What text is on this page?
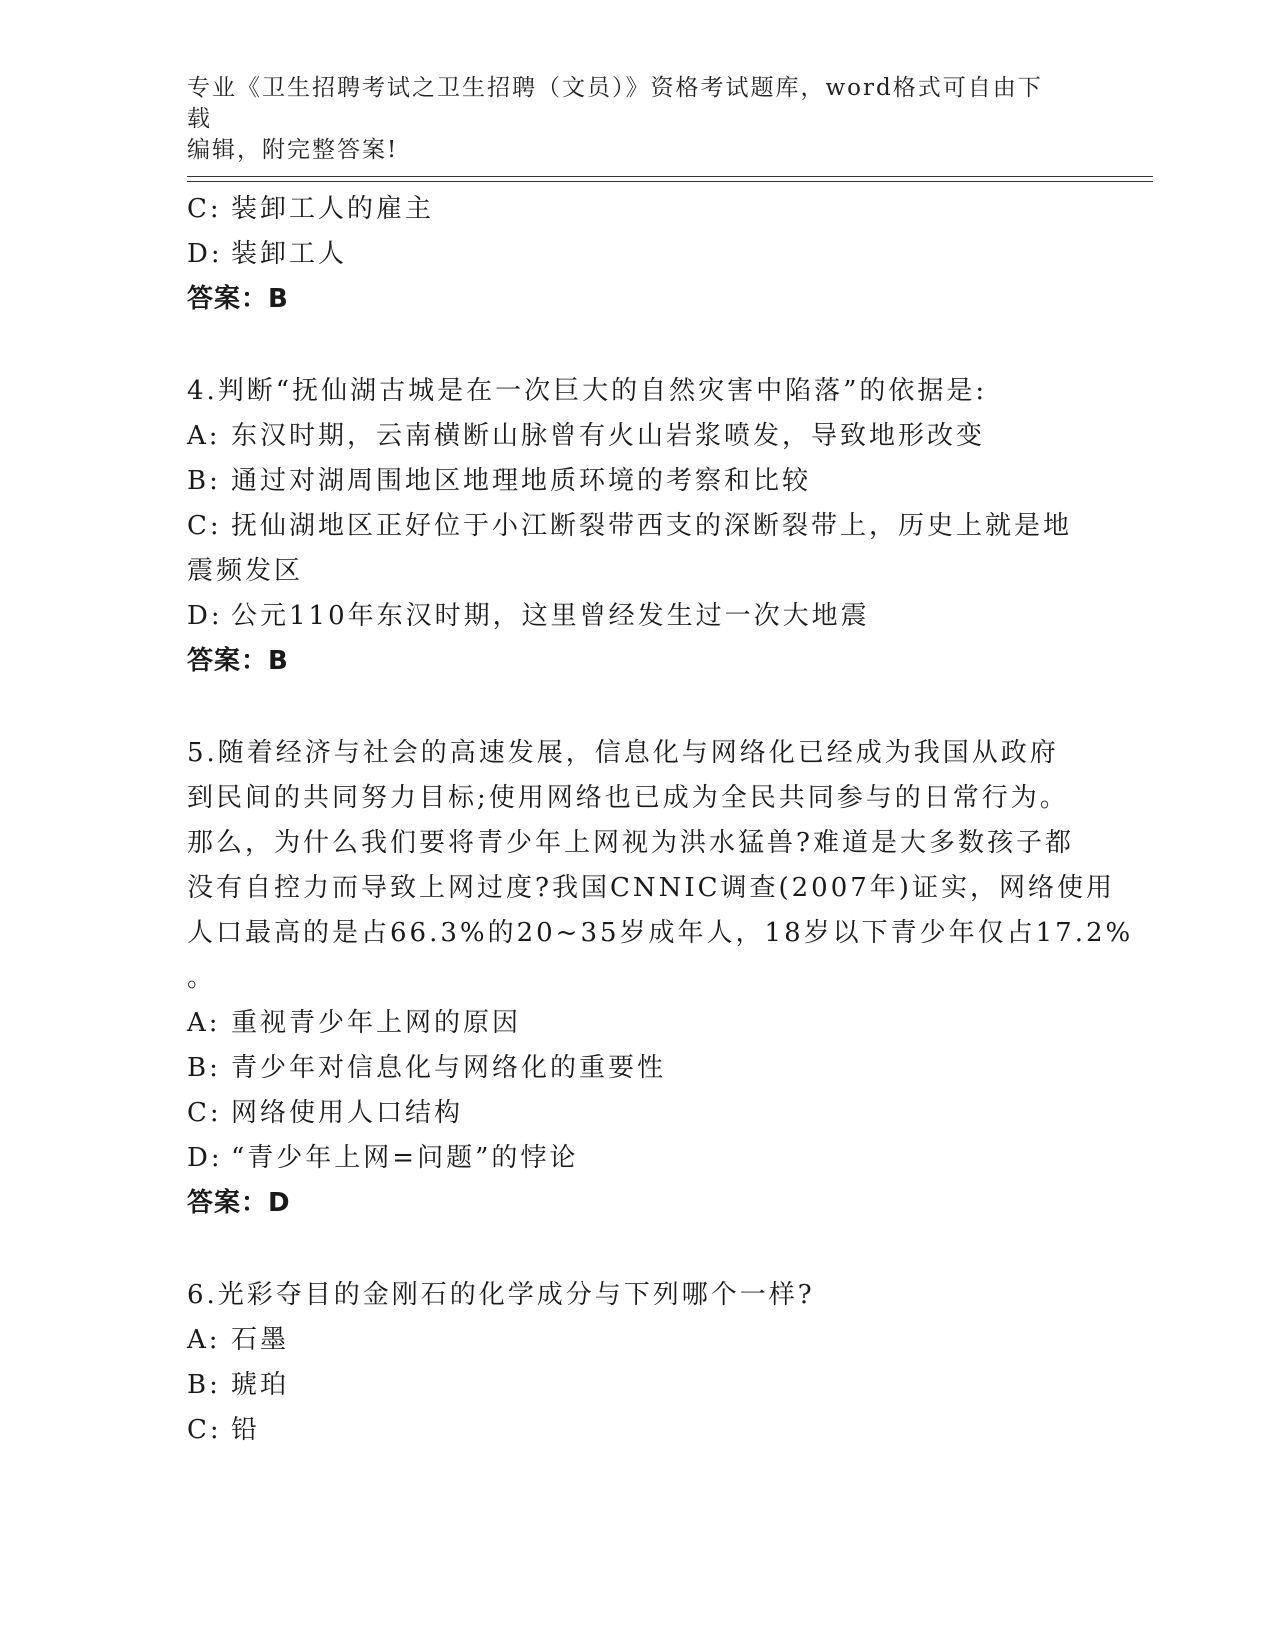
专业《卫生招聘考试之卫生招聘（文员）》资格考试题库，word格式可自由下载
编辑，附完整答案!
C: 装卸工人的雇主
D: 装卸工人
答案：B
4.判断“抚仙湖古城是在一次巨大的自然灾害中陷落”的依据是:
A: 东汉时期，云南横断山脉曾有火山岩浆喷发，导致地形改变
B: 通过对湖周围地区地理地质环境的考察和比较
C: 抚仙湖地区正好位于小江断裂带西支的深断裂带上，历史上就是地
震频发区
D: 公元110年东汉时期，这里曾经发生过一次大地震
答案：B
5.随着经济与社会的高速发展，信息化与网络化已经成为我国从政府
到民间的共同努力目标;使用网络也已成为全民共同参与的日常行为。
那么，为什么我们要将青少年上网视为洪水猛兽?难道是大多数孩子都
没有自控力而导致上网过度?我国CNNIC调查(2007年)证实，网络使用
人口最高的是占66.3%的20~35岁成年人，18岁以下青少年仅占17.2%
。
A: 重视青少年上网的原因
B: 青少年对信息化与网络化的重要性
C: 网络使用人口结构
D: “青少年上网=问题”的悖论
答案：D
6.光彩夺目的金刚石的化学成分与下列哪个一样?
A: 石墨
B: 琥珀
C: 铅
